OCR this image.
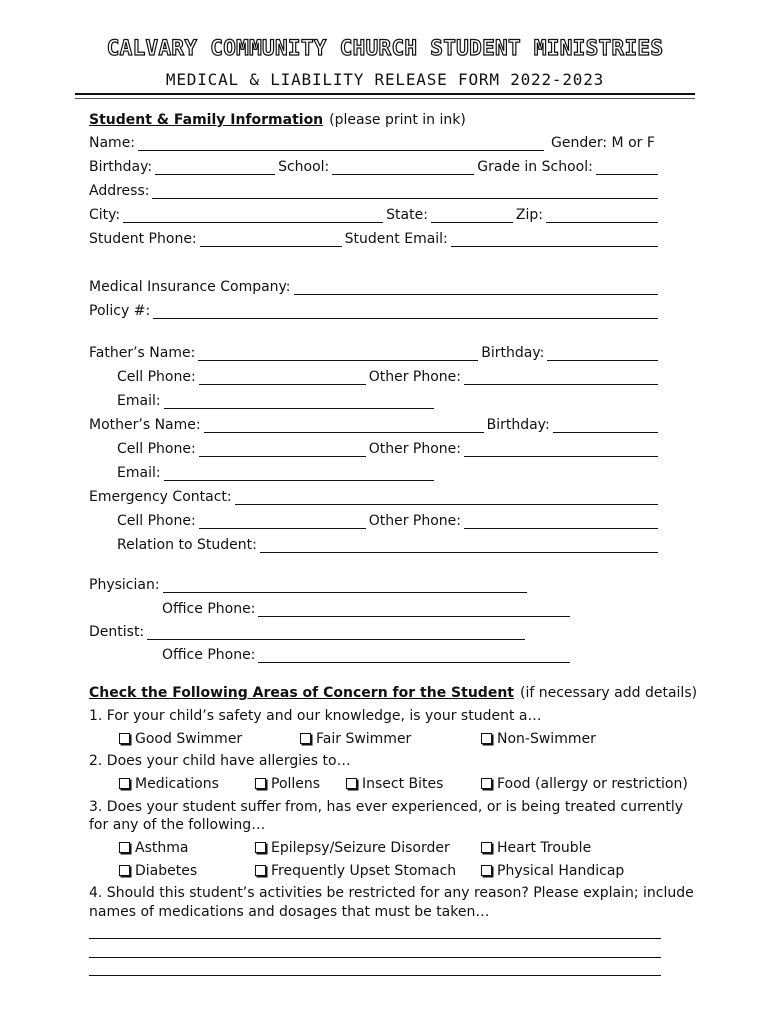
CALVARY COMMUNITY CHURCH STUDENT MINISTRIES
MEDICAL & LIABILITY RELEASE FORM 2022-2023
Student & Family Information (please print in ink)
Name:	Gender: M or F
Birthday:	School:	Grade in School:
Address:
City:	State:	Zip:
Student Phone:	Student Email:
Medical Insurance Company:
Policy #:
Father’s Name:	Birthday:
Cell Phone:	Other Phone:
Email:
Mother’s Name:	Birthday:
Cell Phone:	Other Phone:
Email:
Emergency Contact:
Cell Phone:	Other Phone:
Relation to Student:
Physician:
Office Phone:
Dentist:
Office Phone:
Check the Following Areas of Concern for the Student (if necessary add details)
1. For your child’s safety and our knowledge, is your student a…
Good Swimmer	Fair Swimmer	Non-Swimmer
2. Does your child have allergies to…
Medications	Pollens	Insect Bites	Food (allergy or restriction)
3. Does your student suffer from, has ever experienced, or is being treated currently
for any of the following…
Asthma	Epilepsy/Seizure Disorder	Heart Trouble
Diabetes	Frequently Upset Stomach	Physical Handicap
4. Should this student’s activities be restricted for any reason? Please explain; include
names of medications and dosages that must be taken…
